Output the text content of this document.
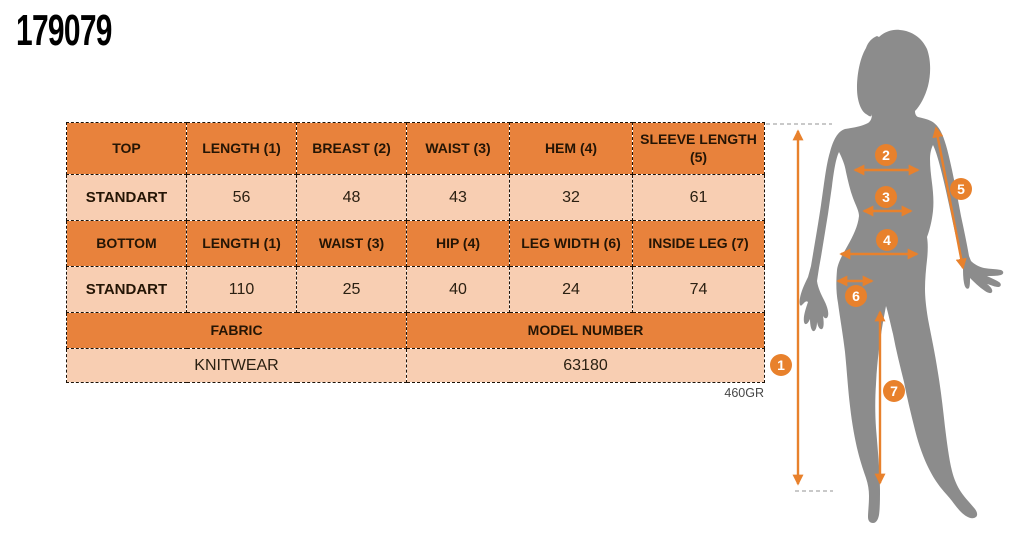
179079
TOP	LENGTH (1)	BREAST (2)	WAIST (3)	HEM (4)	SLEEVE LENGTH (5)
STANDART	56	48	43	32	61
BOTTOM	LENGTH (1)	WAIST (3)	HIP (4)	LEG WIDTH (6)	INSIDE LEG (7)
STANDART	110	25	40	24	74
FABRIC			MODEL NUMBER		
KNITWEAR			63180		
460GR
1
2
3
4
5
6
7
